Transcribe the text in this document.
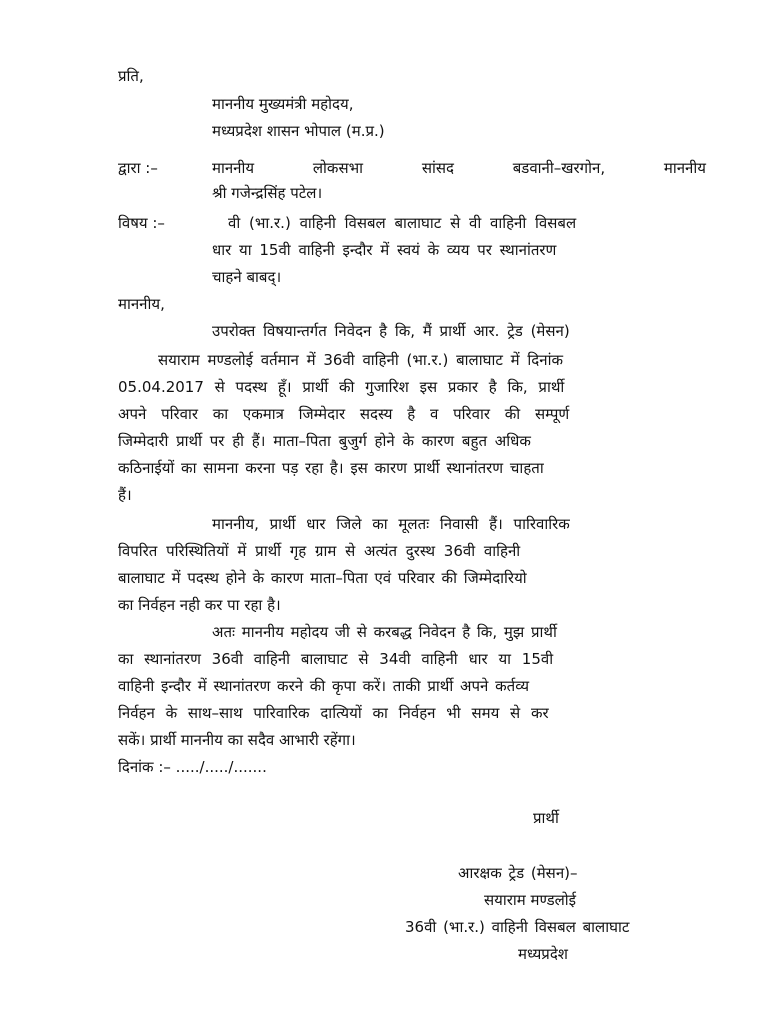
प्रति,
माननीय मुख्यमंत्री महोदय,
मध्यप्रदेश शासन भोपाल (म.प्र.)
द्वारा :–	माननीय	लोकसभा	सांसद	बडवानी–खरगोन,	माननीय
श्री गजेन्द्रसिंह पटेल।
विषय :–	वी (भा.र.) वाहिनी विसबल बालाघाट से वी वाहिनी विसबल
धार या 15वी वाहिनी इन्दौर में स्वयं के व्यय पर स्थानांतरण
चाहने बाबद्।
माननीय,
उपरोक्त विषयान्तर्गत निवेदन है कि, मैं प्रार्थी आर. ट्रेड (मेसन)
सयाराम मण्डलोई वर्तमान में 36वी वाहिनी (भा.र.) बालाघाट में दिनांक
05.04.2017 से पदस्थ हूॅं। प्रार्थी की गुजारिश इस प्रकार है कि, प्रार्थी
अपने परिवार का एकमात्र जिम्मेदार सदस्य है व परिवार की सम्पूर्ण
जिम्मेदारी प्रार्थी पर ही हैं। माता–पिता बुजुर्ग होने के कारण बहुत अधिक
कठिनाईयों का सामना करना पड़ रहा है। इस कारण प्रार्थी स्थानांतरण चाहता
हैं।
माननीय, प्रार्थी धार जिले का मूलतः निवासी हैं। पारिवारिक
विपरित परिस्थितियों में प्रार्थी गृह ग्राम से अत्यंत दुरस्थ 36वी वाहिनी
बालाघाट में पदस्थ होने के कारण माता–पिता एवं परिवार की जिम्मेदारियो
का निर्वहन नही कर पा रहा है।
अतः माननीय महोदय जी से करबद्ध निवेदन है कि, मुझ प्रार्थी
का स्थानांतरण 36वी वाहिनी बालाघाट से 34वी वाहिनी धार या 15वी
वाहिनी इन्दौर में स्थानांतरण करने की कृपा करें। ताकी प्रार्थी अपने कर्तव्य
निर्वहन के साथ–साथ पारिवारिक दात्यियों का निर्वहन भी समय से कर
सकें। प्रार्थी माननीय का सदैव आभारी रहेंगा।
दिनांक :– ...../...../.......
प्रार्थी
आरक्षक ट्रेड (मेसन)–
सयाराम मण्डलोई
36वी (भा.र.) वाहिनी विसबल बालाघाट
मध्यप्रदेश
